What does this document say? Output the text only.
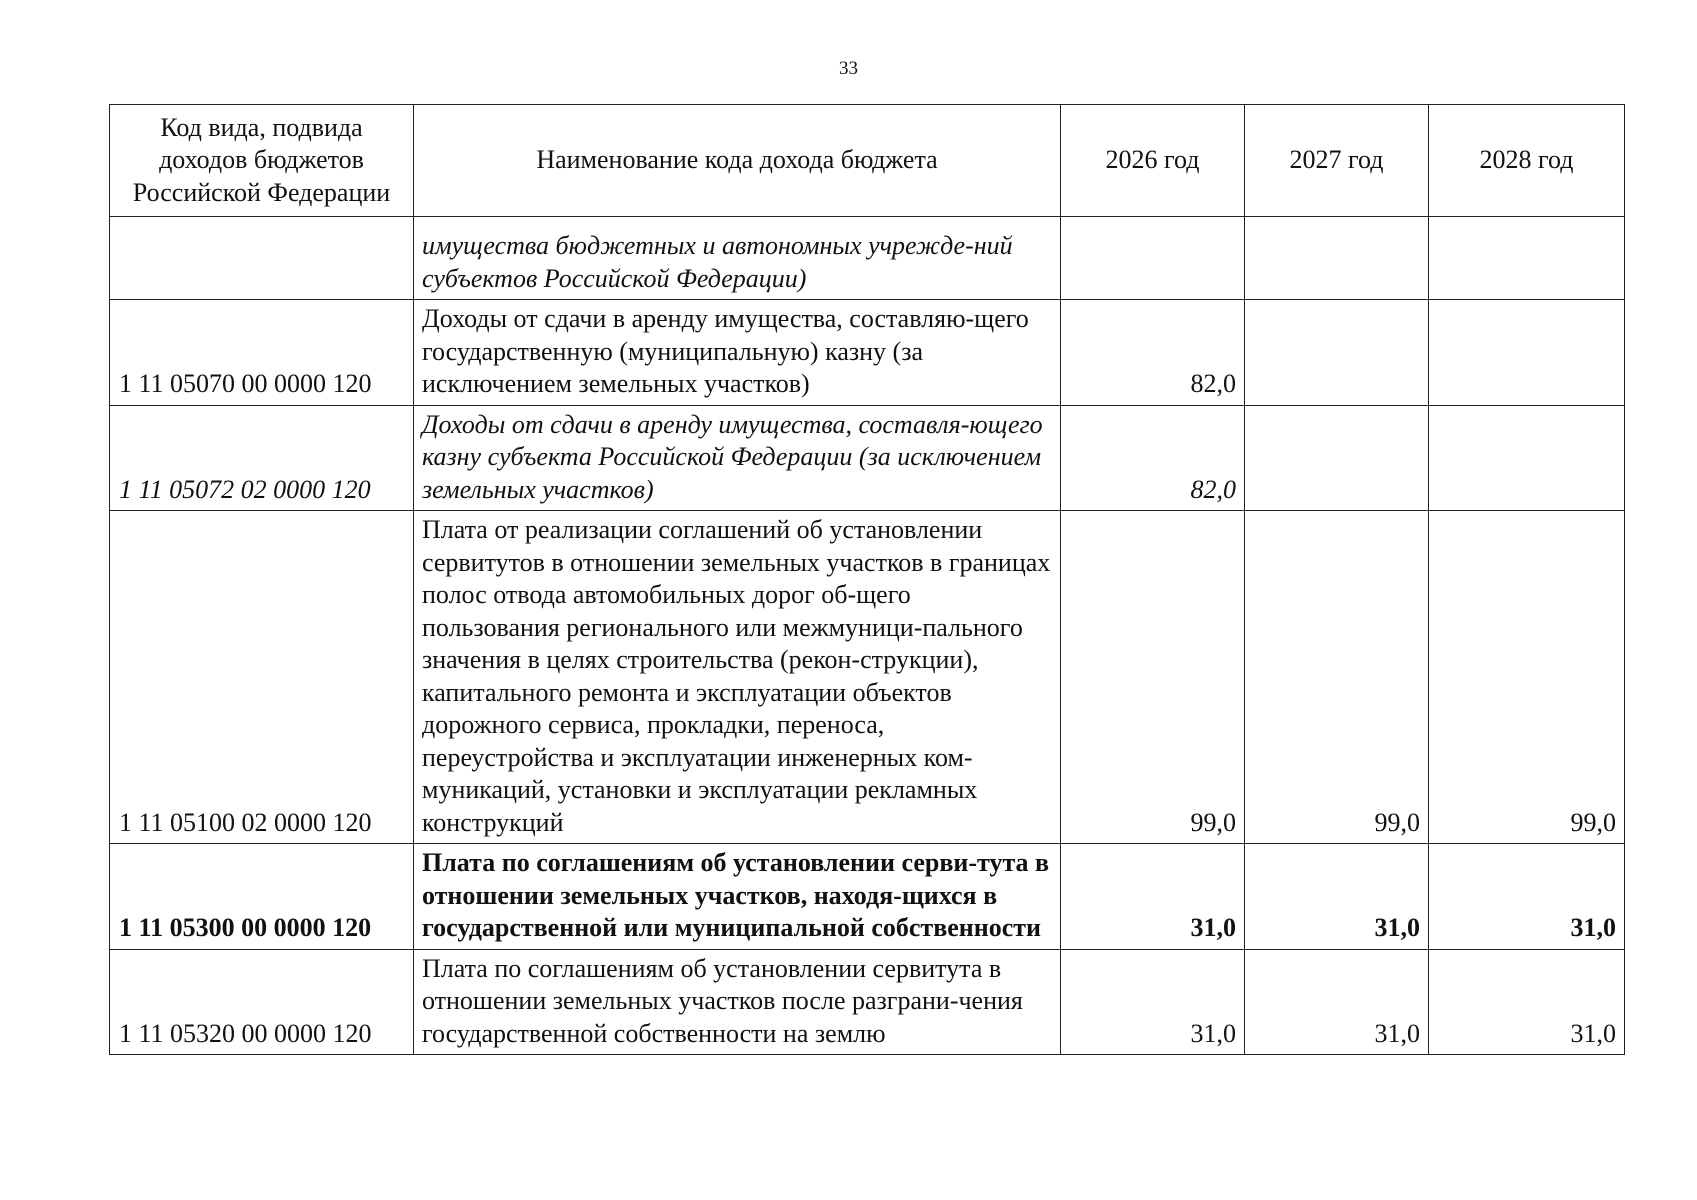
33
Код вида, подвида доходов бюджетов Российской Федерации	Наименование кода дохода бюджета	2026 год	2027 год	2028 год
	имущества бюджетных и автономных учрежде-ний субъектов Российской Федерации)			
1 11 05070 00 0000 120	Доходы от сдачи в аренду имущества, составляю-щего государственную (муниципальную) казну (за исключением земельных участков)	82,0		
1 11 05072 02 0000 120	Доходы от сдачи в аренду имущества, составля-ющего казну субъекта Российской Федерации (за исключением земельных участков)	82,0		
1 11 05100 02 0000 120	Плата от реализации соглашений об установлении сервитутов в отношении земельных участков в границах полос отвода автомобильных дорог об-щего пользования регионального или межмуници-пального значения в целях строительства (рекон-струкции), капитального ремонта и эксплуатации объектов дорожного сервиса, прокладки, переноса, переустройства и эксплуатации инженерных ком-муникаций, установки и эксплуатации рекламных конструкций	99,0	99,0	99,0
1 11 05300 00 0000 120	Плата по соглашениям об установлении серви-тута в отношении земельных участков, находя-щихся в государственной или муниципальной собственности	31,0	31,0	31,0
1 11 05320 00 0000 120	Плата по соглашениям об установлении сервитута в отношении земельных участков после разграни-чения государственной собственности на землю	31,0	31,0	31,0
